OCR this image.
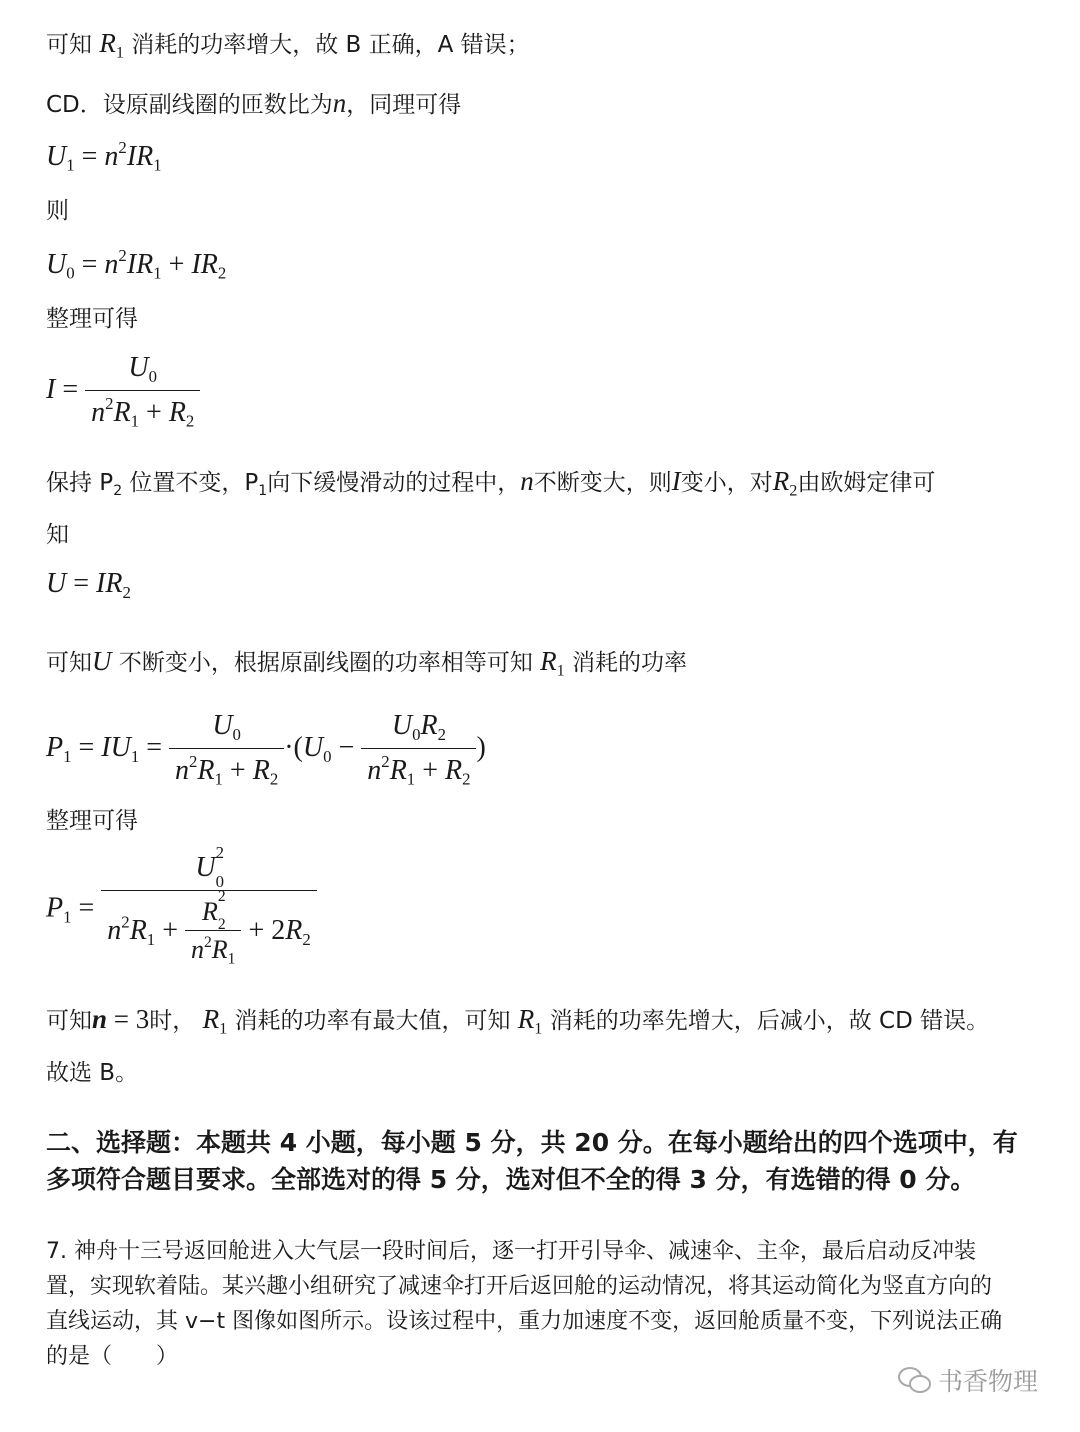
可知 $R_1$ 消耗的功率增大，故 B 正确，A 错误；
CD．设原副线圈的匝数比为n，同理可得
$U_1 = n^2IR_1$
则
$U_0 = n^2IR_1 + IR_2$
整理可得
$I = \frac{U_0}{n^2R_1 + R_2}$
保持 $P_2$ 位置不变，$P_1$向下缓慢滑动的过程中，n不断变大，则I变小，对$R_2$由欧姆定律可
知
$U = IR_2$
可知U 不断变小，根据原副线圈的功率相等可知 $R_1$ 消耗的功率
$P_1 = IU_1 = \frac{U_0}{n^2R_1 + R_2} \cdot(U_0 - \frac{U_0R_2}{n^2R_1 + R_2}$ )
整理可得
$P_1$ =
U 2
0

$n^2R_1 + R$
2
2

$n^2R_1 + 2R_2$
可知n = 3时， $R_1$ 消耗的功率有最大值，可知 $R_1$ 消耗的功率先增大，后减小，故 CD 错误。
故选 B。
二、选择题：本题共 4 小题，每小题 5 分，共 20 分。在每小题给出的四个选项中，有多项符合题目要求。全部选对的得 5 分，选对但不全的得 3 分，有选错的得 0 分。
7. 神舟十三号返回舱进入大气层一段时间后，逐一打开引导伞、减速伞、主伞，最后启动反冲装置，实现软着陆。某兴趣小组研究了减速伞打开后返回舱的运动情况，将其运动简化为竖直方向的直线运动，其 v−t 图像如图所示。设该过程中，重力加速度不变，返回舱质量不变，下列说法正确的是（　　）
书香物理
